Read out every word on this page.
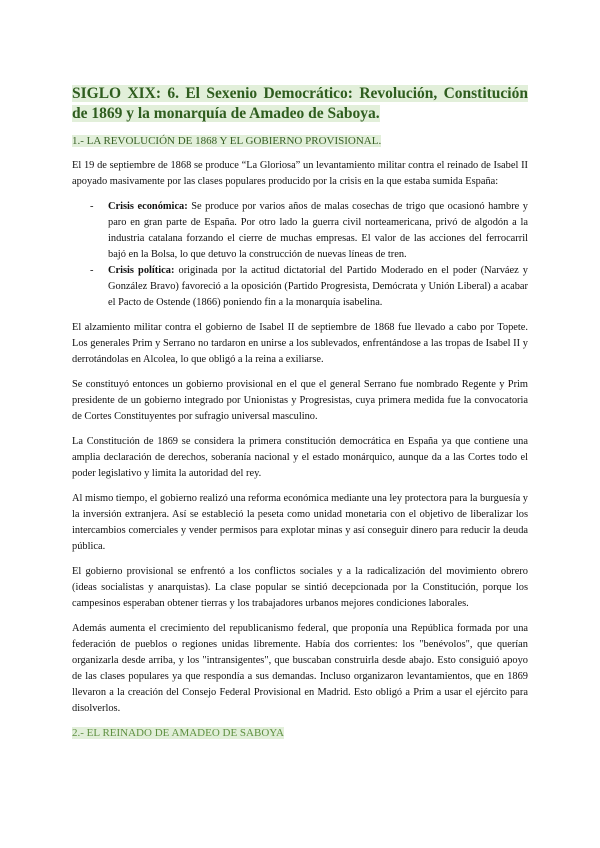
SIGLO XIX: 6. El Sexenio Democrático: Revolución, Constitución de 1869 y la monarquía de Amadeo de Saboya.
1.- LA REVOLUCIÓN DE 1868 Y EL GOBIERNO PROVISIONAL.

El 19 de septiembre de 1868 se produce “La Gloriosa” un levantamiento militar contra el reinado de Isabel II apoyado masivamente por las clases populares producido por la crisis en la que estaba sumida España:

- Crisis económica: Se produce por varios años de malas cosechas de trigo que ocasionó hambre y paro en gran parte de España. Por otro lado la guerra civil norteamericana, privó de algodón a la industria catalana forzando el cierre de muchas empresas. El valor de las acciones del ferrocarril bajó en la Bolsa, lo que detuvo la construcción de nuevas líneas de tren.
- Crisis política: originada por la actitud dictatorial del Partido Moderado en el poder (Narváez y González Bravo) favoreció a la oposición (Partido Progresista, Demócrata y Unión Liberal) a acabar el Pacto de Ostende (1866) poniendo fin a la monarquía isabelina.

El alzamiento militar contra el gobierno de Isabel II de septiembre de 1868 fue llevado a cabo por Topete. Los generales Prim y Serrano no tardaron en unirse a los sublevados, enfrentándose a las tropas de Isabel II y derrotándolas en Alcolea, lo que obligó a la reina a exiliarse.

Se constituyó entonces un gobierno provisional en el que el general Serrano fue nombrado Regente y Prim presidente de un gobierno integrado por Unionistas y Progresistas, cuya primera medida fue la convocatoria de Cortes Constituyentes por sufragio universal masculino.

La Constitución de 1869 se considera la primera constitución democrática en España ya que contiene una amplia declaración de derechos, soberanía nacional y el estado monárquico, aunque da a las Cortes todo el poder legislativo y limita la autoridad del rey.

Al mismo tiempo, el gobierno realizó una reforma económica mediante una ley protectora para la burguesía y la inversión extranjera. Así se estableció la peseta como unidad monetaria con el objetivo de liberalizar los intercambios comerciales y vender permisos para explotar minas y así conseguir dinero para reducir la deuda pública.

El gobierno provisional se enfrentó a los conflictos sociales y a la radicalización del movimiento obrero (ideas socialistas y anarquistas). La clase popular se sintió decepcionada por la Constitución, porque los campesinos esperaban obtener tierras y los trabajadores urbanos mejores condiciones laborales.

Además aumenta el crecimiento del republicanismo federal, que proponía una República formada por una federación de pueblos o regiones unidas libremente. Había dos corrientes: los "benévolos", que querían organizarla desde arriba, y los "intransigentes", que buscaban construirla desde abajo. Esto consiguió apoyo de las clases populares ya que respondía a sus demandas. Incluso organizaron levantamientos, que en 1869 llevaron a la creación del Consejo Federal Provisional en Madrid. Esto obligó a Prim a usar el ejército para disolverlos.

2.- EL REINADO DE AMADEO DE SABOYA
